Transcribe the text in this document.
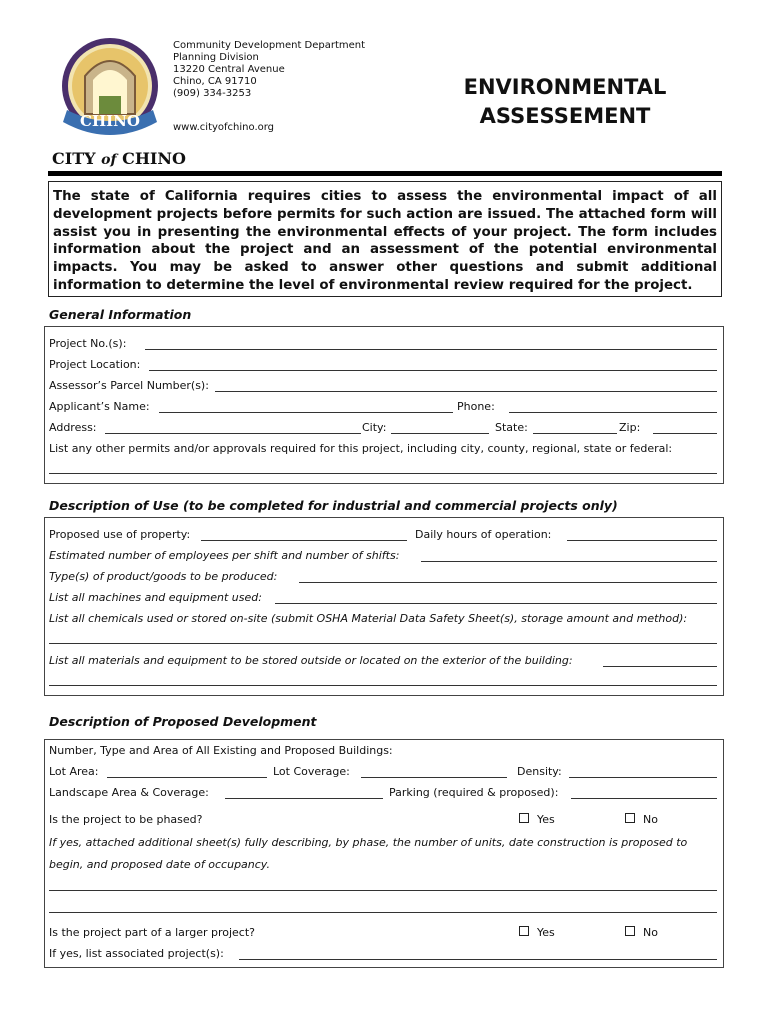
CHINO
Community Development Department
Planning Division
13220 Central Avenue
Chino, CA 91710
(909) 334-3253
www.cityofchino.org
ENVIRONMENTAL
ASSESSEMENT
CITY of CHINO
The state of California requires cities to assess the environmental impact of all development projects before permits for such action are issued. The attached form will assist you in presenting the environmental effects of your project. The form includes information about the project and an assessment of the potential environmental impacts. You may be asked to answer other questions and submit additional information to determine the level of environmental review required for the project.
General Information
Project No.(s):
Project Location:
Assessor’s Parcel Number(s):
Applicant’s Name:	Phone:
Address:	City:	State:	Zip:
List any other permits and/or approvals required for this project, including city, county, regional, state or federal:
Description of Use (to be completed for industrial and commercial projects only)
Proposed use of property:	Daily hours of operation:
Estimated number of employees per shift and number of shifts:
Type(s) of product/goods to be produced:
List all machines and equipment used:
List all chemicals used or stored on-site (submit OSHA Material Data Safety Sheet(s), storage amount and method):
List all materials and equipment to be stored outside or located on the exterior of the building:
Description of Proposed Development
Number, Type and Area of All Existing and Proposed Buildings:
Lot Area:	Lot Coverage:	Density:
Landscape Area & Coverage:	Parking (required & proposed):
Is the project to be phased?	Yes	No
If yes, attached additional sheet(s) fully describing, by phase, the number of units, date construction is proposed to
begin, and proposed date of occupancy.
Is the project part of a larger project?	Yes	No
If yes, list associated project(s):
